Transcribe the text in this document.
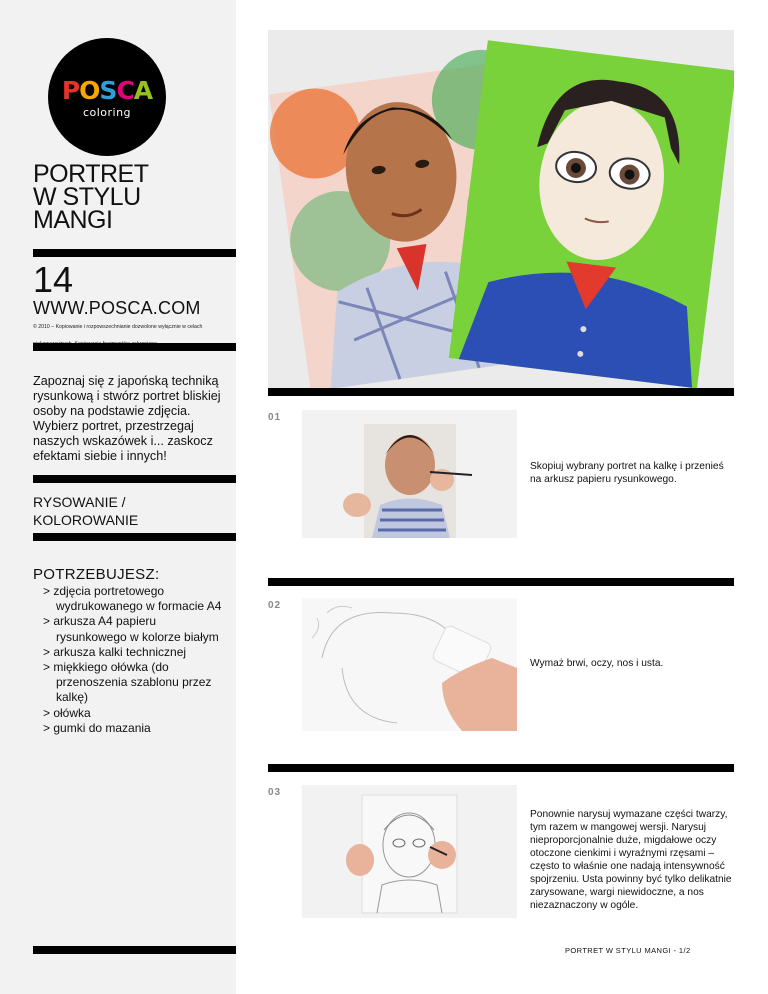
POSCA
coloring
PORTRET
W STYLU
MANGI
14
WWW.POSCA.COM
© 2010 – Kopiowanie i rozpowszechnianie dozwolone wyłącznie w celach
Zapoznaj się z japońską techniką rysunkową i stwórz portret bliskiej osoby na podstawie zdjęcia. Wybierz portret, przestrzegaj naszych wskazówek i... zaskocz efektami siebie i innych!
RYSOWANIE / KOLOROWANIE
POTRZEBUJESZ:
> zdjęcia portretowego wydrukowanego w formacie A4
> arkusza A4 papieru rysunkowego w kolorze białym
> arkusza kalki technicznej
> miękkiego ołówka (do przenoszenia szablonu przez kalkę)
> ołówka
> gumki do mazania
01
Skopiuj wybrany portret na kalkę i przenieś na arkusz papieru rysunkowego.
02
Wymaż brwi, oczy, nos i usta.
03
Ponownie narysuj wymazane części twarzy, tym razem w mangowej wersji. Narysuj nieproporcjonalnie duże, migdałowe oczy otoczone cienkimi i wyraźnymi rzęsami – często to właśnie one nadają intensywność spojrzeniu. Usta powinny być tylko delikatnie zarysowane, wargi niewidoczne, a nos niezaznaczony w ogóle.
PORTRET W STYLU MANGI - 1/2
